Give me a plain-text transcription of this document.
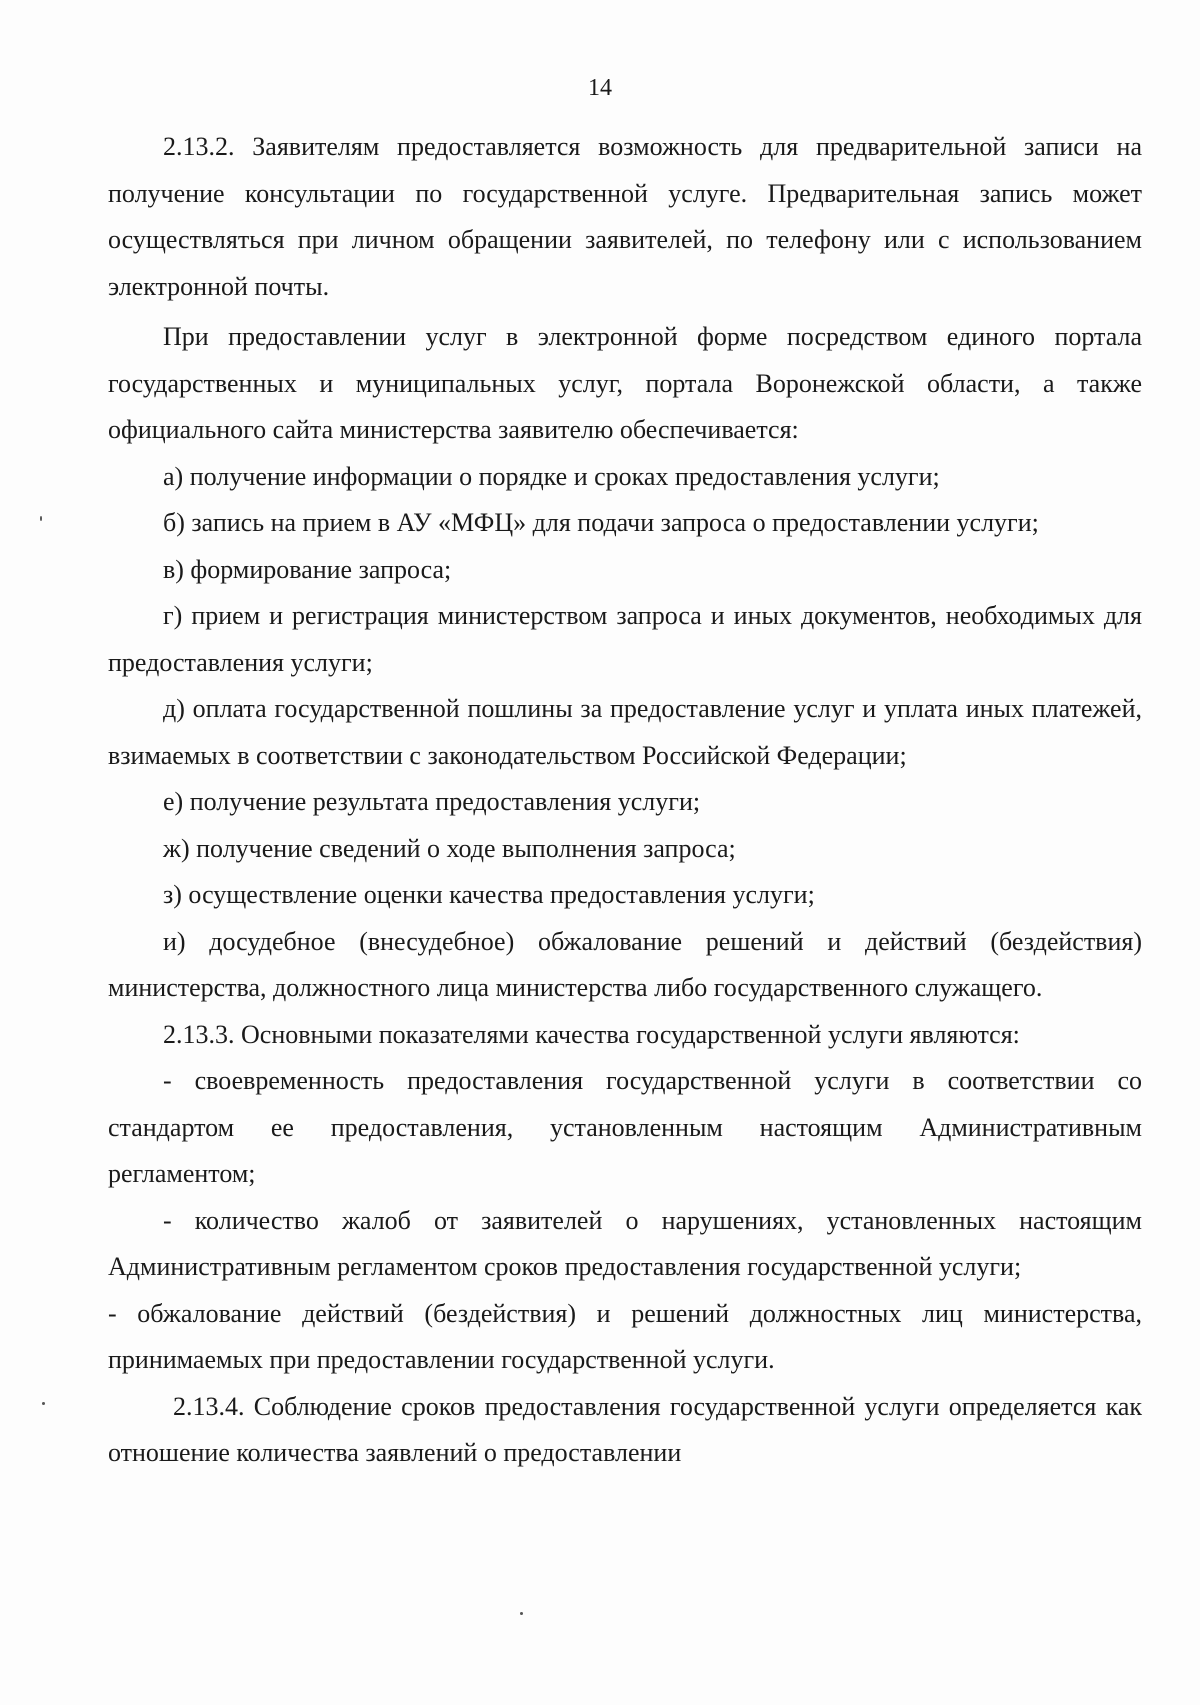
14

2.13.2. Заявителям предоставляется возможность для предварительной записи на получение консультации по государственной услуге. Предварительная запись может осуществляться при личном обращении заявителей, по телефону или с использованием электронной почты.

При предоставлении услуг в электронной форме посредством единого портала государственных и муниципальных услуг, портала Воронежской области, а также официального сайта министерства заявителю обеспечивается:

а) получение информации о порядке и сроках предоставления услуги;

б) запись на прием в АУ «МФЦ» для подачи запроса о предоставлении услуги;

в) формирование запроса;

г) прием и регистрация министерством запроса и иных документов, необходимых для предоставления услуги;

д) оплата государственной пошлины за предоставление услуг и уплата иных платежей, взимаемых в соответствии с законодательством Российской Федерации;

е) получение результата предоставления услуги;

ж) получение сведений о ходе выполнения запроса;

з) осуществление оценки качества предоставления услуги;

и) досудебное (внесудебное) обжалование решений и действий (бездействия) министерства, должностного лица министерства либо государственного служащего.

2.13.3. Основными показателями качества государственной услуги являются:

- своевременность предоставления государственной услуги в соответствии со стандартом ее предоставления, установленным настоящим Административным регламентом;

- количество жалоб от заявителей о нарушениях, установленных настоящим Административным регламентом сроков предоставления государственной услуги;

- обжалование действий (бездействия) и решений должностных лиц министерства, принимаемых при предоставлении государственной услуги.

2.13.4. Соблюдение сроков предоставления государственной услуги определяется как отношение количества заявлений о предоставлении
